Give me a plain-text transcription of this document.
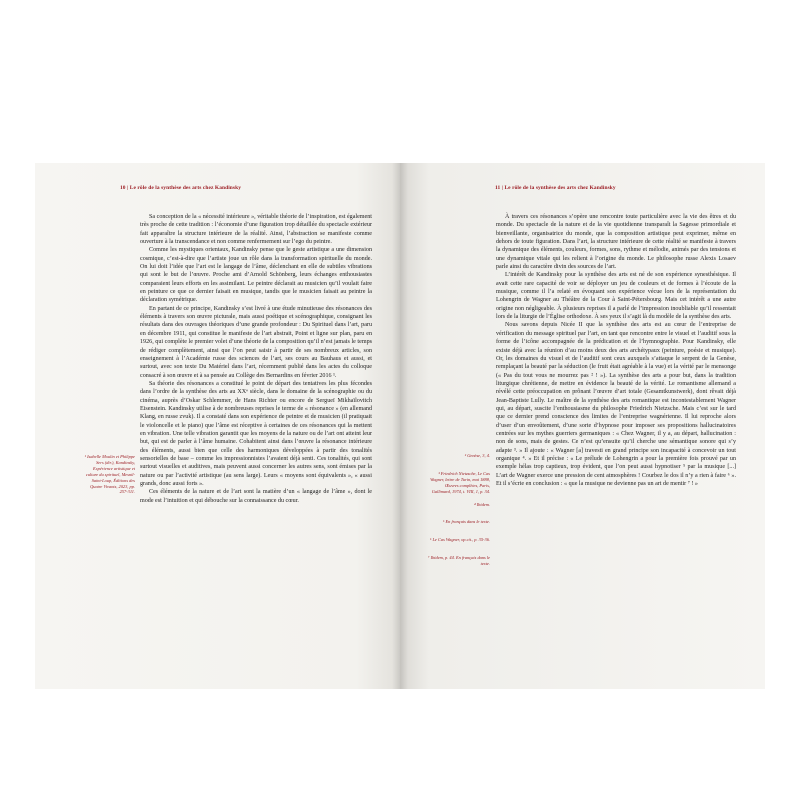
10 | Le rôle de la synthèse des arts chez Kandinsky

¹ Isabelle Moulin et Philippe Sers (dir.), Kandinsky, Expérience artistique et culture du spirituel, Mesnil-Saint-Loup, Éditions des Quatre Vivants, 2023, pp. 257-311.

Sa conception de la « nécessité intérieure », véritable théorie de l’inspiration, est également très proche de cette tradition : l’économie d’une figuration trop détaillée du spectacle extérieur fait apparaître la structure intérieure de la réalité. Ainsi, l’abstraction se manifeste comme ouverture à la transcendance et non comme renfermement sur l’ego du peintre.

Comme les mystiques orientaux, Kandinsky pense que le geste artistique a une dimension cosmique, c’est-à-dire que l’artiste joue un rôle dans la transformation spirituelle du monde. On lui doit l’idée que l’art est le langage de l’âme, déclenchant en elle de subtiles vibrations qui sont le but de l’œuvre. Proche ami d’Arnold Schönberg, leurs échanges enthousiastes comparaient leurs efforts en les assimilant. Le peintre déclarait au musicien qu’il voulait faire en peinture ce que ce dernier faisait en musique, tandis que le musicien faisait au peintre la déclaration symétrique.

En partant de ce principe, Kandinsky s’est livré à une étude minutieuse des résonances des éléments à travers son œuvre picturale, mais aussi poétique et scénographique, consignant les résultats dans des ouvrages théoriques d’une grande profondeur : Du Spirituel dans l’art, paru en décembre 1911, qui constitue le manifeste de l’art abstrait, Point et ligne sur plan, paru en 1926, qui complète le premier volet d’une théorie de la composition qu’il n’est jamais le temps de rédiger complètement, ainsi que l’on peut saisir à partir de ses nombreux articles, son enseignement à l’Académie russe des sciences de l’art, ses cours au Bauhaus et aussi, et surtout, avec son texte Du Matériel dans l’art, récemment publié dans les actes du colloque consacré à son œuvre et à sa pensée au Collège des Bernardins en février 2016 ¹.

Sa théorie des résonances a constitué le point de départ des tentatives les plus fécondes dans l’ordre de la synthèse des arts au XXᵉ siècle, dans le domaine de la scénographie ou du cinéma, auprès d’Oskar Schlemmer, de Hans Richter ou encore de Sergueï Mikhaïlovitch Eisenstein. Kandinsky utilise à de nombreuses reprises le terme de « résonance » (en allemand Klang, en russe zvuk). Il a constaté dans son expérience de peintre et de musicien (il pratiquait le violoncelle et le piano) que l’âme est réceptive à certaines de ces résonances qui la mettent en vibration. Une telle vibration garantit que les moyens de la nature ou de l’art ont atteint leur but, qui est de parler à l’âme humaine. Cohabitent ainsi dans l’œuvre la résonance intérieure des éléments, aussi bien que celle des harmoniques développées à partir des tonalités sensorielles de base – comme les impressionnistes l’avaient déjà senti. Ces tonalités, qui sont surtout visuelles et auditives, mais peuvent aussi concerner les autres sens, sont émises par la nature ou par l’activité artistique (au sens large). Leurs « moyens sont équivalents », « aussi grands, donc aussi forts ».

Ces éléments de la nature et de l’art sont la matière d’un « langage de l’âme », dont le mode est l’intuition et qui débouche sur la connaissance du cœur.

11 | Le rôle de la synthèse des arts chez Kandinsky

² Genèse, 3, 4.

³ Friedrich Nietzsche, Le Cas Wagner, lettre de Turin, mai 1888, Œuvres complètes, Paris, Gallimard, 1974, t. VIII, 1, p. 34.

⁴ Ibidem.

⁵ En français dans le texte.

⁶ Le Cas Wagner, op.cit., p. 35-36.

⁷ Ibidem, p. 44. En français dans le texte.

À travers ces résonances s’opère une rencontre toute particulière avec la vie des êtres et du monde. Du spectacle de la nature et de la vie quotidienne transparaît la Sagesse primordiale et bienveillante, organisatrice du monde, que la composition artistique peut exprimer, même en dehors de toute figuration. Dans l’art, la structure intérieure de cette réalité se manifeste à travers la dynamique des éléments, couleurs, formes, sons, rythme et mélodie, animés par des tensions et une dynamique vitale qui les relient à l’origine du monde. Le philosophe russe Alexis Losaev parle ainsi du caractère divin des sources de l’art.

L’intérêt de Kandinsky pour la synthèse des arts est né de son expérience synesthésique. Il avait cette rare capacité de voir se déployer un jeu de couleurs et de formes à l’écoute de la musique, comme il l’a relaté en évoquant son expérience vécue lors de la représentation du Lohengrin de Wagner au Théâtre de la Cour à Saint-Pétersbourg. Mais cet intérêt a une autre origine non négligeable. À plusieurs reprises il a parlé de l’impression inoubliable qu’il ressentait lors de la liturgie de l’Église orthodoxe. À ses yeux il s’agit là du modèle de la synthèse des arts.

Nous savons depuis Nicée II que la synthèse des arts est au cœur de l’entreprise de vérification du message spirituel par l’art, en tant que rencontre entre le visuel et l’auditif sous la forme de l’icône accompagnée de la prédication et de l’hymnographie. Pour Kandinsky, elle existe déjà avec la réunion d’au moins deux des arts archétypaux (peinture, poésie et musique). Or, les domaines du visuel et de l’auditif sont ceux auxquels s’attaque le serpent de la Genèse, remplaçant la beauté par la séduction (le fruit était agréable à la vue) et la vérité par le mensonge (« Pas du tout vous ne mourrez pas ² ! »). La synthèse des arts a pour but, dans la tradition liturgique chrétienne, de mettre en évidence la beauté de la vérité. Le romantisme allemand a révélé cette préoccupation en prônant l’œuvre d’art totale (Gesamtkunstwerk), dont rêvait déjà Jean-Baptiste Lully. Le maître de la synthèse des arts romantique est incontestablement Wagner qui, au départ, suscite l’enthousiasme du philosophe Friedrich Nietzsche. Mais c’est sur le tard que ce dernier prend conscience des limites de l’entreprise wagnérienne. Il lui reproche alors d’user d’un envoûtement, d’une sorte d’hypnose pour imposer ses propositions hallucinatoires centrées sur les mythes guerriers germaniques : « Chez Wagner, il y a, au départ, hallucination : non de sons, mais de gestes. Ce n’est qu’ensuite qu’il cherche une sémantique sonore qui s’y adapte ³. » Il ajoute : « Wagner [a] travesti en grand principe son incapacité à concevoir un tout organique ⁴. » Et il précise : « Le prélude de Lohengrin a pour la première fois prouvé par un exemple hélas trop captieux, trop évident, que l’on peut aussi hypnotiser ⁵ par la musique [...] L’art de Wagner exerce une pression de cent atmosphères ! Courbez le dos il n’y a rien à faire ⁶ ». Et il s’écrie en conclusion : « que la musique ne devienne pas un art de mentir ⁷ ! »
